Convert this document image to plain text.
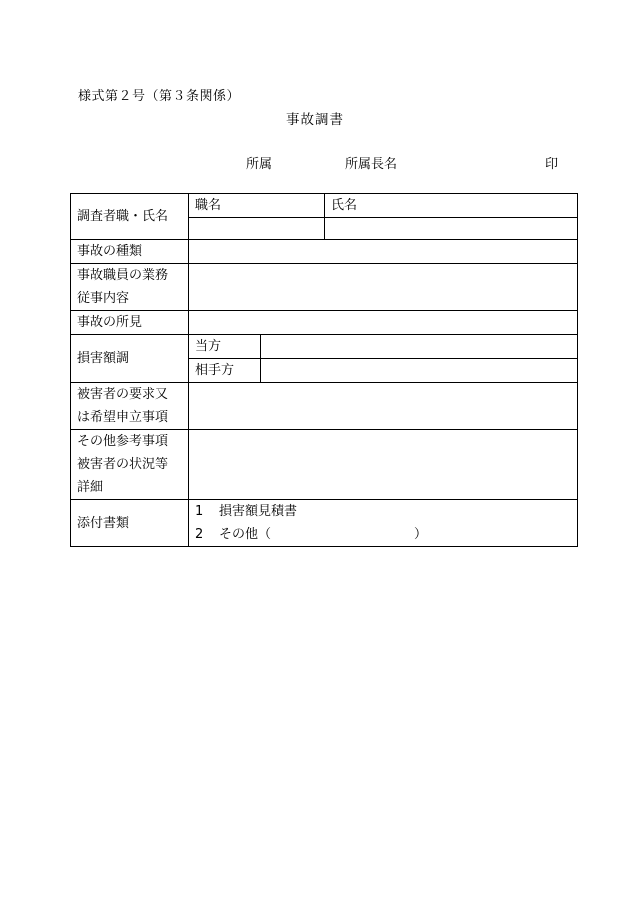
様式第２号（第３条関係）
事故調書
所属	所属長名	印
調査者職・氏名	職名		氏名

事故の種類			

事故職員の業務
従事内容			

事故の所見			
損害額調	当方		
	相手方		

被害者の要求又
は希望申立事項			

その他参考事項
被害者の状況等
詳細			

添付書類	1 損害額見積書
2 その他（ ）		
